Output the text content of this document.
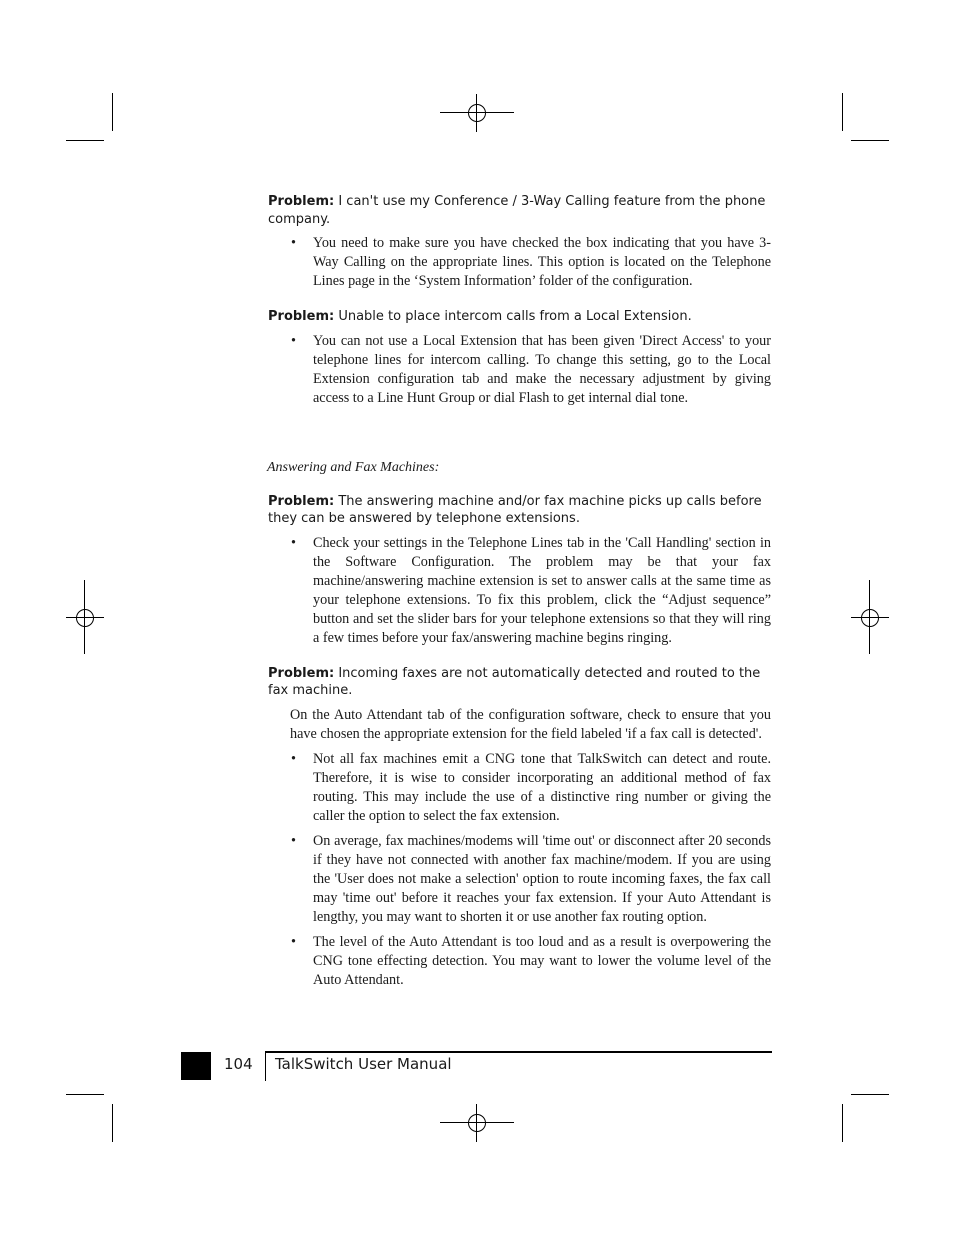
Problem: I can't use my Conference / 3-Way Calling feature from the phone company.

• You need to make sure you have checked the box indicating that you have 3-Way Calling on the appropriate lines. This option is located on the Telephone Lines page in the ‘System Information’ folder of the configuration.

Problem: Unable to place intercom calls from a Local Extension.

• You can not use a Local Extension that has been given 'Direct Access' to your telephone lines for intercom calling. To change this setting, go to the Local Extension configuration tab and make the necessary adjustment by giving access to a Line Hunt Group or dial Flash to get internal dial tone.
Answering and Fax Machines:

Problem: The answering machine and/or fax machine picks up calls before they can be answered by telephone extensions.

• Check your settings in the Telephone Lines tab in the 'Call Handling' section in the Software Configuration. The problem may be that your fax machine/answering machine extension is set to answer calls at the same time as your telephone extensions. To fix this problem, click the “Adjust sequence” button and set the slider bars for your telephone extensions so that they will ring a few times before your fax/answering machine begins ringing.

Problem: Incoming faxes are not automatically detected and routed to the fax machine.

On the Auto Attendant tab of the configuration software, check to ensure that you have chosen the appropriate extension for the field labeled 'if a fax call is detected'.

• Not all fax machines emit a CNG tone that TalkSwitch can detect and route. Therefore, it is wise to consider incorporating an additional method of fax routing. This may include the use of a distinctive ring number or giving the caller the option to select the fax extension.
• On average, fax machines/modems will 'time out' or disconnect after 20 seconds if they have not connected with another fax machine/modem. If you are using the 'User does not make a selection' option to route incoming faxes, the fax call may 'time out' before it reaches your fax extension. If your Auto Attendant is lengthy, you may want to shorten it or use another fax routing option.
• The level of the Auto Attendant is too loud and as a result is overpowering the CNG tone effecting detection. You may want to lower the volume level of the Auto Attendant.
104 TalkSwitch User Manual
